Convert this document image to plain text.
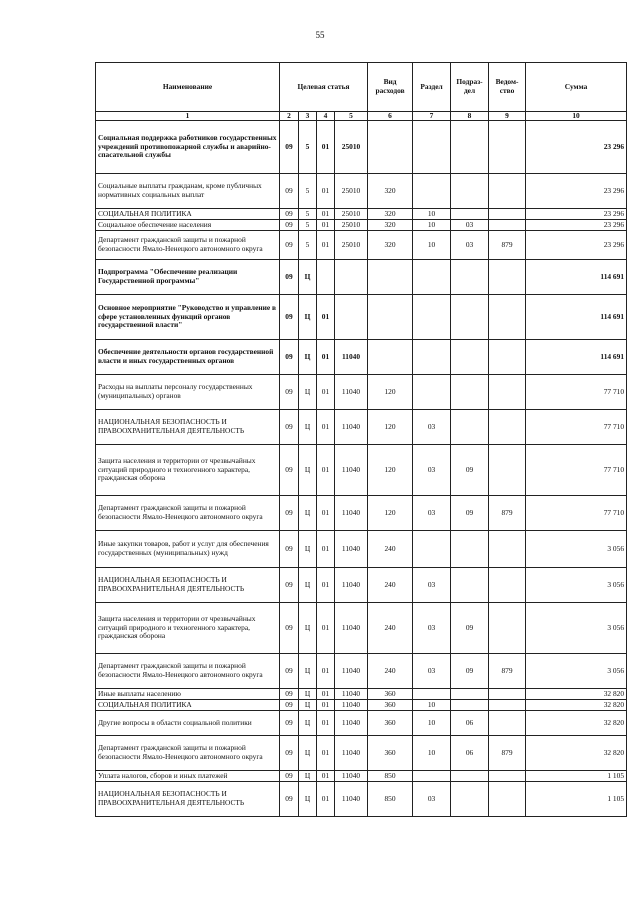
55
Наименование	Целевая статья				Вид расходов	Раздел	Подраз-дел	Ведом-ство	Сумма
1	2	3	4	5	6	7	8	9	10
Социальная поддержка работников государственных учреждений противопожарной службы и аварийно-спасательной службы	09	5	01	25010					23 296
Социальные выплаты гражданам, кроме публичных нормативных социальных выплат	09	5	01	25010	320				23 296
СОЦИАЛЬНАЯ ПОЛИТИКА	09	5	01	25010	320	10			23 296
Социальное обеспечение населения	09	5	01	25010	320	10	03		23 296
Департамент гражданской защиты и пожарной безопасности Ямало-Ненецкого автономного округа	09	5	01	25010	320	10	03	879	23 296
Подпрограмма "Обеспечение реализации Государственной программы"	09	Ц							114 691
Основное мероприятие "Руководство и управление в сфере установленных функций органов государственной власти"	09	Ц	01						114 691
Обеспечение деятельности органов государственной власти и иных государственных органов	09	Ц	01	11040					114 691
Расходы на выплаты персоналу государственных (муниципальных) органов	09	Ц	01	11040	120				77 710
НАЦИОНАЛЬНАЯ БЕЗОПАСНОСТЬ И ПРАВООХРАНИТЕЛЬНАЯ ДЕЯТЕЛЬНОСТЬ	09	Ц	01	11040	120	03			77 710
Защита населения и территории от чрезвычайных ситуаций природного и техногенного характера, гражданская оборона	09	Ц	01	11040	120	03	09		77 710
Департамент гражданской защиты и пожарной безопасности Ямало-Ненецкого автономного округа	09	Ц	01	11040	120	03	09	879	77 710
Иные закупки товаров, работ и услуг для обеспечения государственных (муниципальных) нужд	09	Ц	01	11040	240				3 056
НАЦИОНАЛЬНАЯ БЕЗОПАСНОСТЬ И ПРАВООХРАНИТЕЛЬНАЯ ДЕЯТЕЛЬНОСТЬ	09	Ц	01	11040	240	03			3 056
Защита населения и территории от чрезвычайных ситуаций природного и техногенного характера, гражданская оборона	09	Ц	01	11040	240	03	09		3 056
Департамент гражданской защиты и пожарной безопасности Ямало-Ненецкого автономного округа	09	Ц	01	11040	240	03	09	879	3 056
Иные выплаты населению	09	Ц	01	11040	360				32 820
СОЦИАЛЬНАЯ ПОЛИТИКА	09	Ц	01	11040	360	10			32 820
Другие вопросы в области социальной политики	09	Ц	01	11040	360	10	06		32 820
Департамент гражданской защиты и пожарной безопасности Ямало-Ненецкого автономного округа	09	Ц	01	11040	360	10	06	879	32 820
Уплата налогов, сборов и иных платежей	09	Ц	01	11040	850				1 105
НАЦИОНАЛЬНАЯ БЕЗОПАСНОСТЬ И ПРАВООХРАНИТЕЛЬНАЯ ДЕЯТЕЛЬНОСТЬ	09	Ц	01	11040	850	03			1 105
